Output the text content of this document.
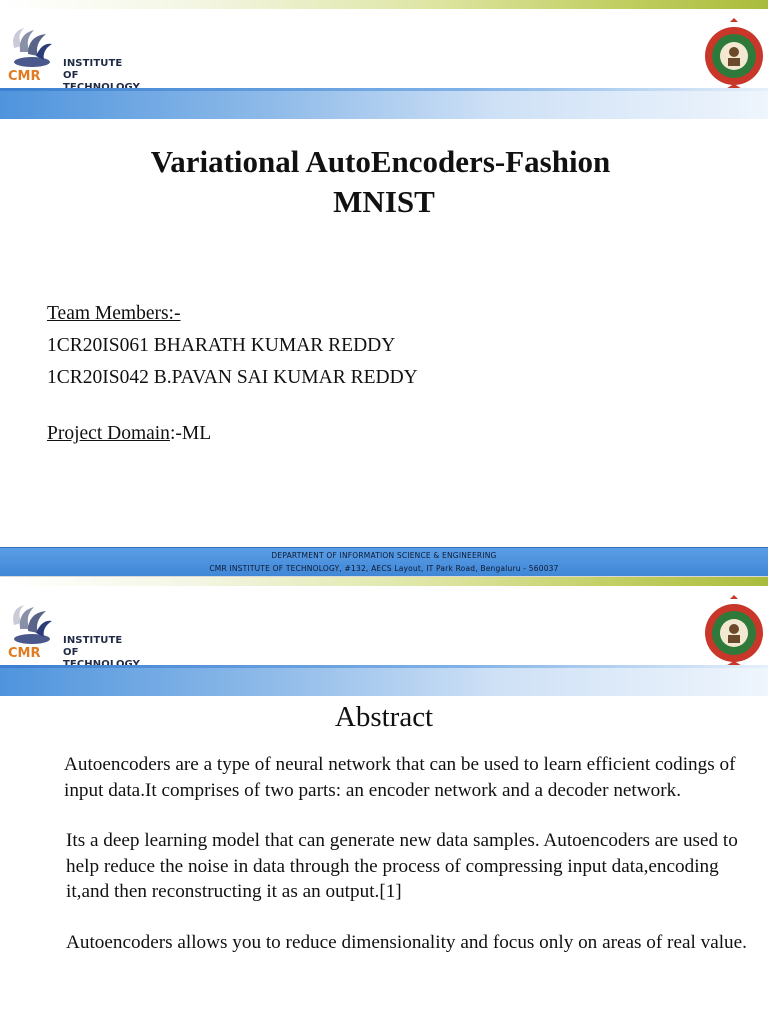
CMR
INSTITUTE OF
Variational AutoEncoders-Fashion
MNIST
Team Members:-
1CR20IS061 BHARATH KUMAR REDDY
1CR20IS042 B.PAVAN SAI KUMAR REDDY
Project Domain:-ML
DEPARTMENT OF INFORMATION SCIENCE & ENGINEERING
CMR INSTITUTE OF TECHNOLOGY, #132, AECS Layout, IT Park Road, Bengaluru - 560037
CMR
INSTITUTE OF
Abstract

Autoencoders are a type of neural network that can be used to learn efficient codings of input data.It comprises of two parts: an encoder network and a decoder network.

Its a deep learning model that can generate new data samples. Autoencoders are used to help reduce the noise in data through the process of compressing input data,encoding it,and then reconstructing it as an output.[1]

Autoencoders allows you to reduce dimensionality and focus only on areas of real value.
